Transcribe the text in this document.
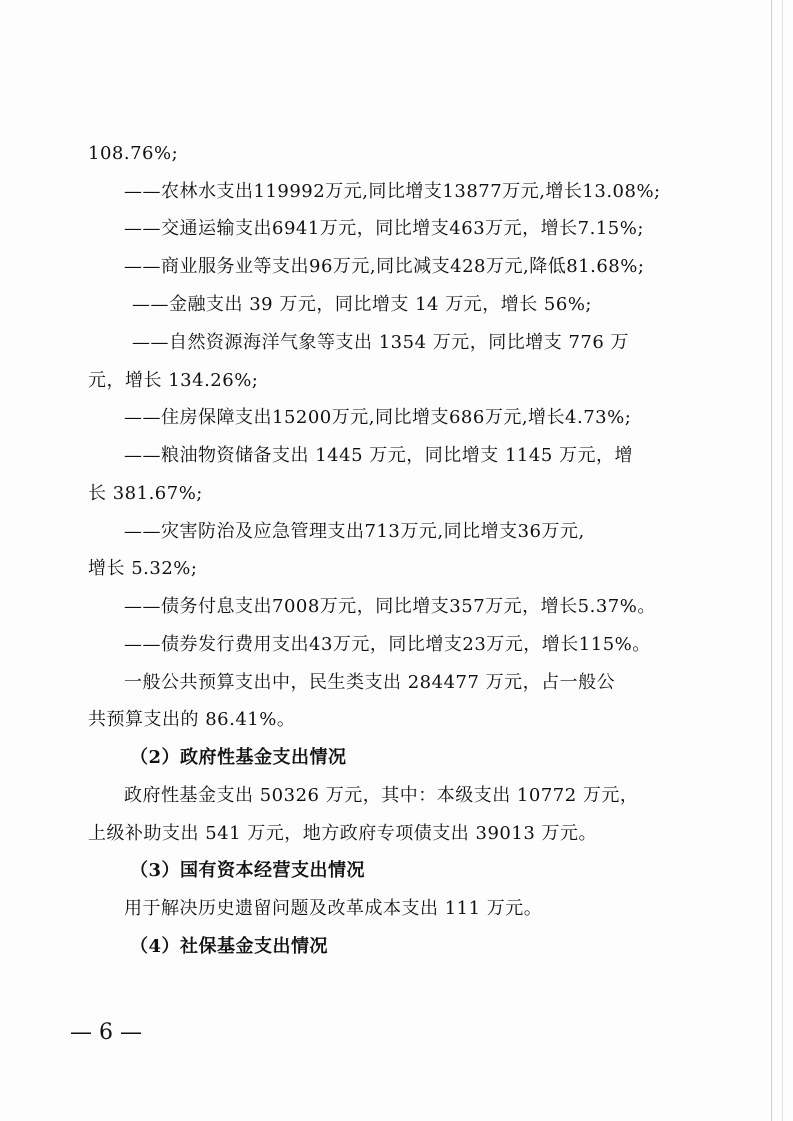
108.76%;
——农林水支出119992万元,同比增支13877万元,增长13.08%;
——交通运输支出6941万元，同比增支463万元，增长7.15%;
——商业服务业等支出96万元,同比减支428万元,降低81.68%;
——金融支出 39 万元，同比增支 14 万元，增长 56%;
——自然资源海洋气象等支出 1354 万元，同比增支 776 万
元，增长 134.26%;
——住房保障支出15200万元,同比增支686万元,增长4.73%;
——粮油物资储备支出 1445 万元，同比增支 1145 万元，增
长 381.67%;
——灾害防治及应急管理支出713万元,同比增支36万元,
增长 5.32%;
——债务付息支出7008万元，同比增支357万元，增长5.37%。
——债券发行费用支出43万元，同比增支23万元，增长115%。
一般公共预算支出中，民生类支出 284477 万元，占一般公
共预算支出的 86.41%。
（2）政府性基金支出情况
政府性基金支出 50326 万元，其中：本级支出 10772 万元，
上级补助支出 541 万元，地方政府专项债支出 39013 万元。
（3）国有资本经营支出情况
用于解决历史遗留问题及改革成本支出 111 万元。
（4）社保基金支出情况
— 6 —
